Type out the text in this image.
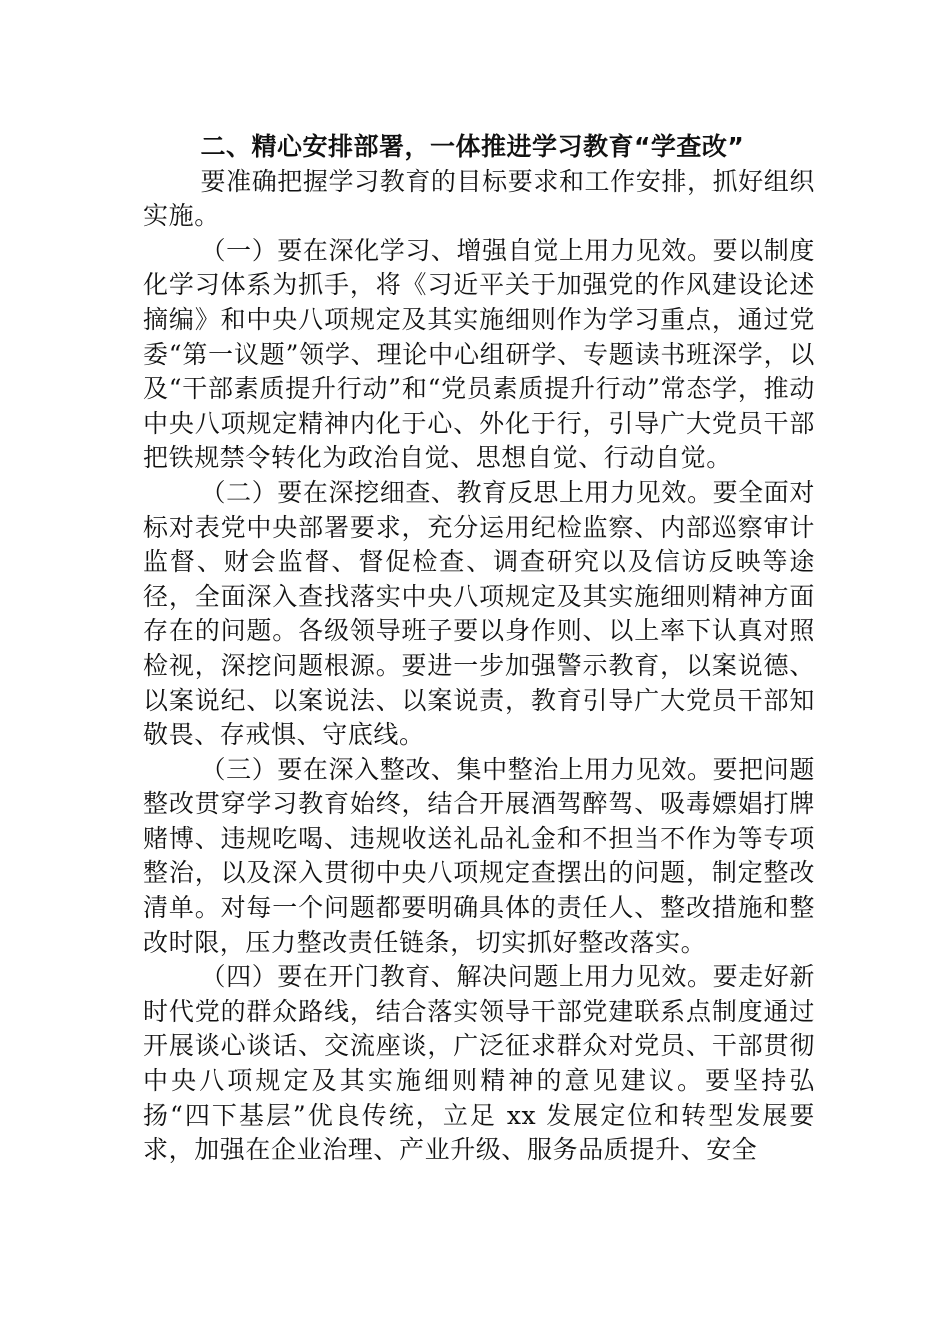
二、精心安排部署，一体推进学习教育“学查改”

要准确把握学习教育的目标要求和工作安排，抓好组织实施。

（一）要在深化学习、增强自觉上用力见效。要以制度化学习体系为抓手，将《习近平关于加强党的作风建设论述摘编》和中央八项规定及其实施细则作为学习重点，通过党委“第一议题”领学、理论中心组研学、专题读书班深学，以及“干部素质提升行动”和“党员素质提升行动”常态学，推动中央八项规定精神内化于心、外化于行，引导广大党员干部把铁规禁令转化为政治自觉、思想自觉、行动自觉。

（二）要在深挖细查、教育反思上用力见效。要全面对标对表党中央部署要求，充分运用纪检监察、内部巡察审计监督、财会监督、督促检查、调查研究以及信访反映等途径，全面深入查找落实中央八项规定及其实施细则精神方面存在的问题。各级领导班子要以身作则、以上率下认真对照检视，深挖问题根源。要进一步加强警示教育，以案说德、以案说纪、以案说法、以案说责，教育引导广大党员干部知敬畏、存戒惧、守底线。

（三）要在深入整改、集中整治上用力见效。要把问题整改贯穿学习教育始终，结合开展酒驾醉驾、吸毒嫖娼打牌赌博、违规吃喝、违规收送礼品礼金和不担当不作为等专项整治，以及深入贯彻中央八项规定查摆出的问题，制定整改清单。对每一个问题都要明确具体的责任人、整改措施和整改时限，压力整改责任链条，切实抓好整改落实。

（四）要在开门教育、解决问题上用力见效。要走好新时代党的群众路线，结合落实领导干部党建联系点制度通过开展谈心谈话、交流座谈，广泛征求群众对党员、干部贯彻中央八项规定及其实施细则精神的意见建议。要坚持弘扬“四下基层”优良传统，立足 xx 发展定位和转型发展要求，加强在企业治理、产业升级、服务品质提升、安全
